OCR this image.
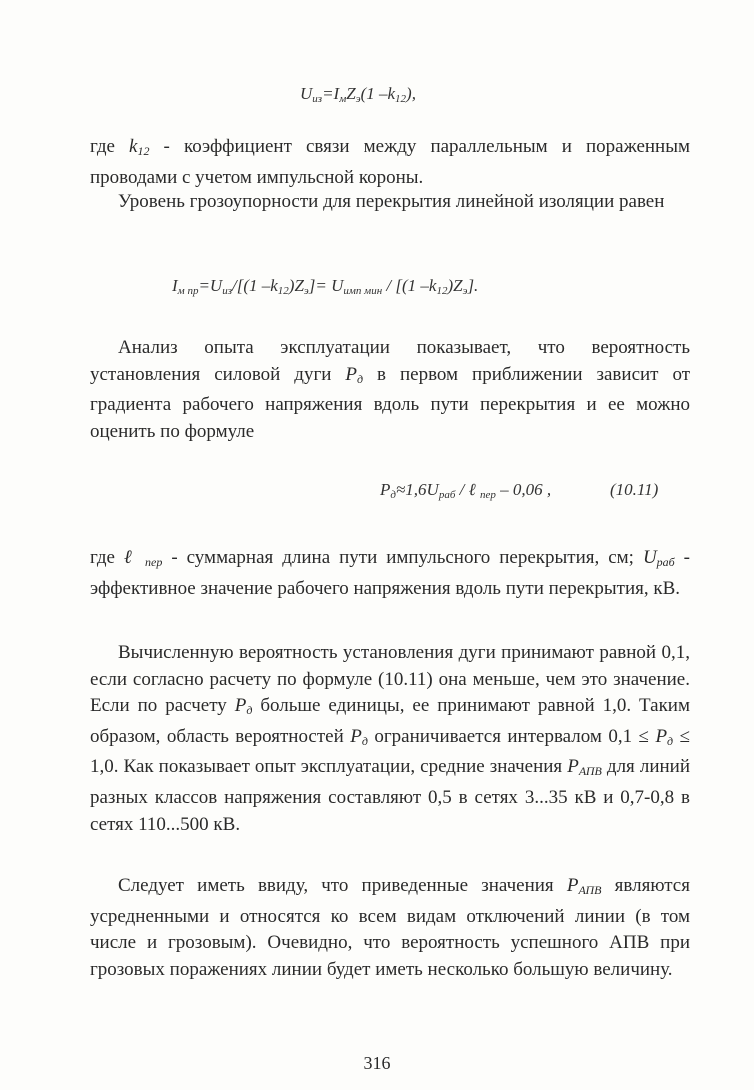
$U_{из}=I_мZ_э(1$ $-k_{12}$),

где $k_{12}$ - коэффициент связи между параллельным и пораженным проводами с учетом импульсной короны.

Уровень грозоупорности для перекрытия линейной изоляции равен

$I_{м пр}=U_{из}/[(1$ $-k_{12})Z_э]= U_{имп мин} / [(1$ $-k_{12})Z_э$].

Анализ опыта эксплуатации показывает, что вероятность установления силовой дуги $P_д$ в первом приближении зависит от градиента рабочего напряжения вдоль пути перекрытия и ее можно оценить по формуле

$P_д\approx 1,6U_{раб}$ / ℓ $_{пер}$ – 0,06 ,	(10.11)

где ℓ $_{пер}$ - суммарная длина пути импульсного перекрытия, см; $U_{раб}$ - эффективное значение рабочего напряжения вдоль пути перекрытия, кВ.

Вычисленную вероятность установления дуги принимают равной 0,1, если согласно расчету по формуле (10.11) она меньше, чем это значение. Если по расчету $P_д$ больше единицы, ее принимают равной 1,0. Таким образом, область вероятностей $P_д$ ограничивается интервалом $0,1 \le P_д \le 1,0$. Как показывает опыт эксплуатации, средние значения $P_{АПВ}$ для линий разных классов напряжения составляют 0,5 в сетях 3...35 кВ и 0,7-0,8 в сетях 110...500 кВ.

Следует иметь ввиду, что приведенные значения $P_{АПВ}$ являются усредненными и относятся ко всем видам отключений линии (в том числе и грозовым). Очевидно, что вероятность успешного АПВ при грозовых поражениях линии будет иметь несколько большую величину.

316
